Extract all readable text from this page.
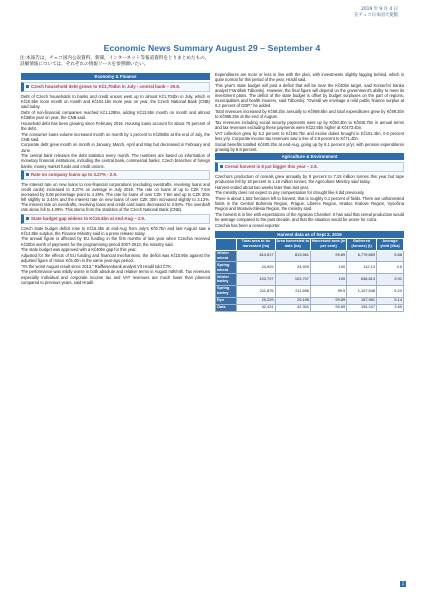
2019 年 9 月 4 日
在チェコ日本国大使館
Economic News Summary August 29 – September 4
注:本報告は，チェコ国内公表資料，新聞，インターネット等報道資料をとりまとめたもの。
詳細情報については，それぞれの情報ソースを参照願いたい。
Economy & Finance
Czech household debt grows to Kč1,704bn in July - central bank – 30.8.
Debt of Czech households to banks and credit unions went up to almost Kč1,704bn in July, which is Kč10.5bn more month on month and Kč104.1bn more year on year, the Czech National Bank (CNB) said today.
Debt of non-financial companies reached Kč1,129bn, adding Kč13.6bn month on month and almost Kč36bn year on year, the CNB said.
Household debt has been growing since February 2016. Housing loans account for about 75 percent of the debt.
The consumer loans volume increased month on month by 1 percent to Kč258bn at the end of July, the CNB said.
Corporate debt grew month on month in January, March, April and May but decreased in February and June.
The central bank releases the debt statistics every month. The numbers are based on information of monetary financial institutions, including the central bank, commercial banks, Czech branches of foreign banks, money market funds and credit unions.
Rate on company loans up to 3.27% - 2.9.
The interest rate on new loans to non-financial corporations (excluding overdrafts, revolving loans and credit cards) increased to 3.27% on average in July 2019. The rate on loans of up to CZK 7.5m increased by 0.08 percentage point to 4.29%. The rate for loans of over CZK 7.5m and up to CZK 30m fell slightly to 3.44% and the interest rate on new loans of over CZK 30m increased slightly to 3.12%. The interest rate on overdrafts, revolving loans and credit card loans decreased to 3.92%. The overdraft rate alone fell to 4.09%. This stems from the statistics of the Czech National Bank (CNB).
State budget gap widens to Kč15.4bn at end-Aug – 2.9.
Czech state budget deficit rose to Kč15.4bn at end-Aug from July's Kč9.7bn and last August saw a Kč14.8bn surplus, the Finance Ministry said in a press release today.
The annual figure is affected by EU funding in the first months of last year when Czechia received Kč20bn worth of payments for the programming period 2007-2013, the ministry said.
The state budget was approved with a Kč40bn gap for this year.
Adjusted for the effects of EU funding and financial mechanisms, the deficit was Kč15.9bn against the adjusted figure of minus Kč5.4bn in the same year-ago period.
"It's the worst August result since 2013," Raiffeisenbank analyst Vít Hradil told ČTK.
The performance was mildly worse in both absolute and relative terms in August mth/mth. Tax revenues especially individual and corporate income tax and VAT revenues are much lower than planned compared to previous years, said Hradil.
Expenditures are more or less in line with the plan, with investments slightly lagging behind, which is quite normal for this period of the year, Hradil said.
This year's state budget will post a deficit that will be near the Kč40bn target, said Komerční banka analyst František Táborský. However, the final figure will depend on the government's ability to meet its investment plans. The deficit of the state budget is offset by budget surpluses on the part of regions, municipalities and health insurers, said Táborský. "Overall we envisage a mild public finance surplus at 0.2 percent of GDP," he added.
Total revenues increased by Kč69.2bn annually to Kč969.8bn and total expenditures grew by Kč99.3bn to Kč985.2bn at the end of August.
Tax revenues including social security payments went up by Kč50.4bn to Kč845.7bn in annual terms and tax revenues excluding these payments were Kč22.6bn higher at Kč473.4bn.
VAT collection grew by 5.2 percent to Kč186.7bn and excise duties brought in Kč101.4bn, 0.8 percent less yr/y. Corporate income tax revenues saw a rise of 2.9 percent to Kč71.4bn.
Social benefits totalled Kč400.2bn at end-Aug, going up by 8.1 percent yr/yr, with pension expenditures growing by 8.9 percent.
Agriculture & Environment
Cereal harvest is 8 pct bigger this year – 2.9.
Czechia's production of cereals grew annually by 8 percent to 7.15 million tonnes this year but rape production fell by 18 percent to 1.16 million tonnes, the Agriculture Ministry said today.
Harvest ended about two weeks later than last year.
The ministry does not expect to pay compensation for drought like it did previously.
There is about 1,662 hectares left to harvest, that is roughly 0.1 percent of fields. There are unharvested fields in the Central Bohemia Region, Prague, Liberec Region, Hradec Kralove Region, Vysočina Region and Moravia-Silesia Region, the ministry said.
The harvest is in line with expectations of the Agrarian Chamber. It has said that cereal production would be average compared to the past decade, and that the situation would be worse for colza.
Czechia has been a cereal exporter.
Harvest data as of Sept 2, 2019
	Total area to be harvested (ha)	Area harvested to date (ha)	Harvested area (in per cent)	Gathered (tonnes) (t)	Average yield (t/ha)
Winter wheat	814,517	813,561	99.89	6,779,869	5.68
Spring wheat	24,929	24,929	100	112,13	4.5
Winter barley	103,707	103,707	100	636,813	5.91
Spring barley	211,876	211,656	99.9	1,107,548	5.23
Rye	29,229	29,198	99.89	157,981	5.14
Oats	42,431	42,301	99.69	154,247	3.65
1
